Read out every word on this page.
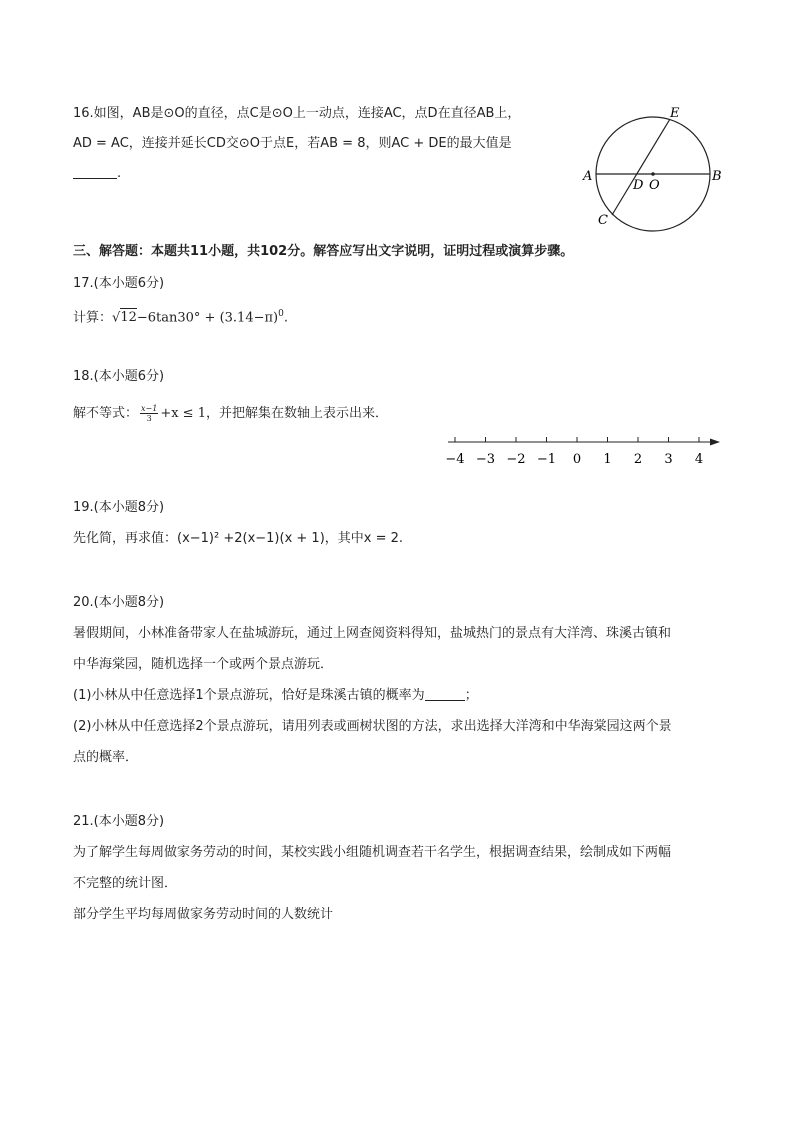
16.如图，AB是⊙O的直径，点C是⊙O上一动点，连接AC，点D在直径AB上，
AD = AC，连接并延长CD交⊙O于点E，若AB = 8，则AC + DE的最大值是
.	A	B
C
D
E
O
三、解答题：本题共11小题，共102分。解答应写出文字说明，证明过程或演算步骤。
17.(本小题6分)
计算：$√12-6\tan 30^\circ + (3.14-\pi)^0$.
18.(本小题6分)
解不等式： $\frac{x-1}{3} +x \le 1$，并把解集在数轴上表示出来．
−4 −3 −2 −1 0 1 2 3 4
19.(本小题8分)
先化简，再求值：(x−1)² +2(x−1)(x + 1)，其中x = 2.
20.(本小题8分)
暑假期间，小林准备带家人在盐城游玩，通过上网查阅资料得知，盐城热门的景点有大洋湾、珠溪古镇和
中华海棠园，随机选择一个或两个景点游玩．
(1)小林从中任意选择1个景点游玩，恰好是珠溪古镇的概率为	；
(2)小林从中任意选择2个景点游玩，请用列表或画树状图的方法，求出选择大洋湾和中华海棠园这两个景
点的概率．
21.(本小题8分)
为了解学生每周做家务劳动的时间，某校实践小组随机调查若干名学生，根据调查结果，绘制成如下两幅
不完整的统计图．
部分学生平均每周做家务劳动时间的人数统计
